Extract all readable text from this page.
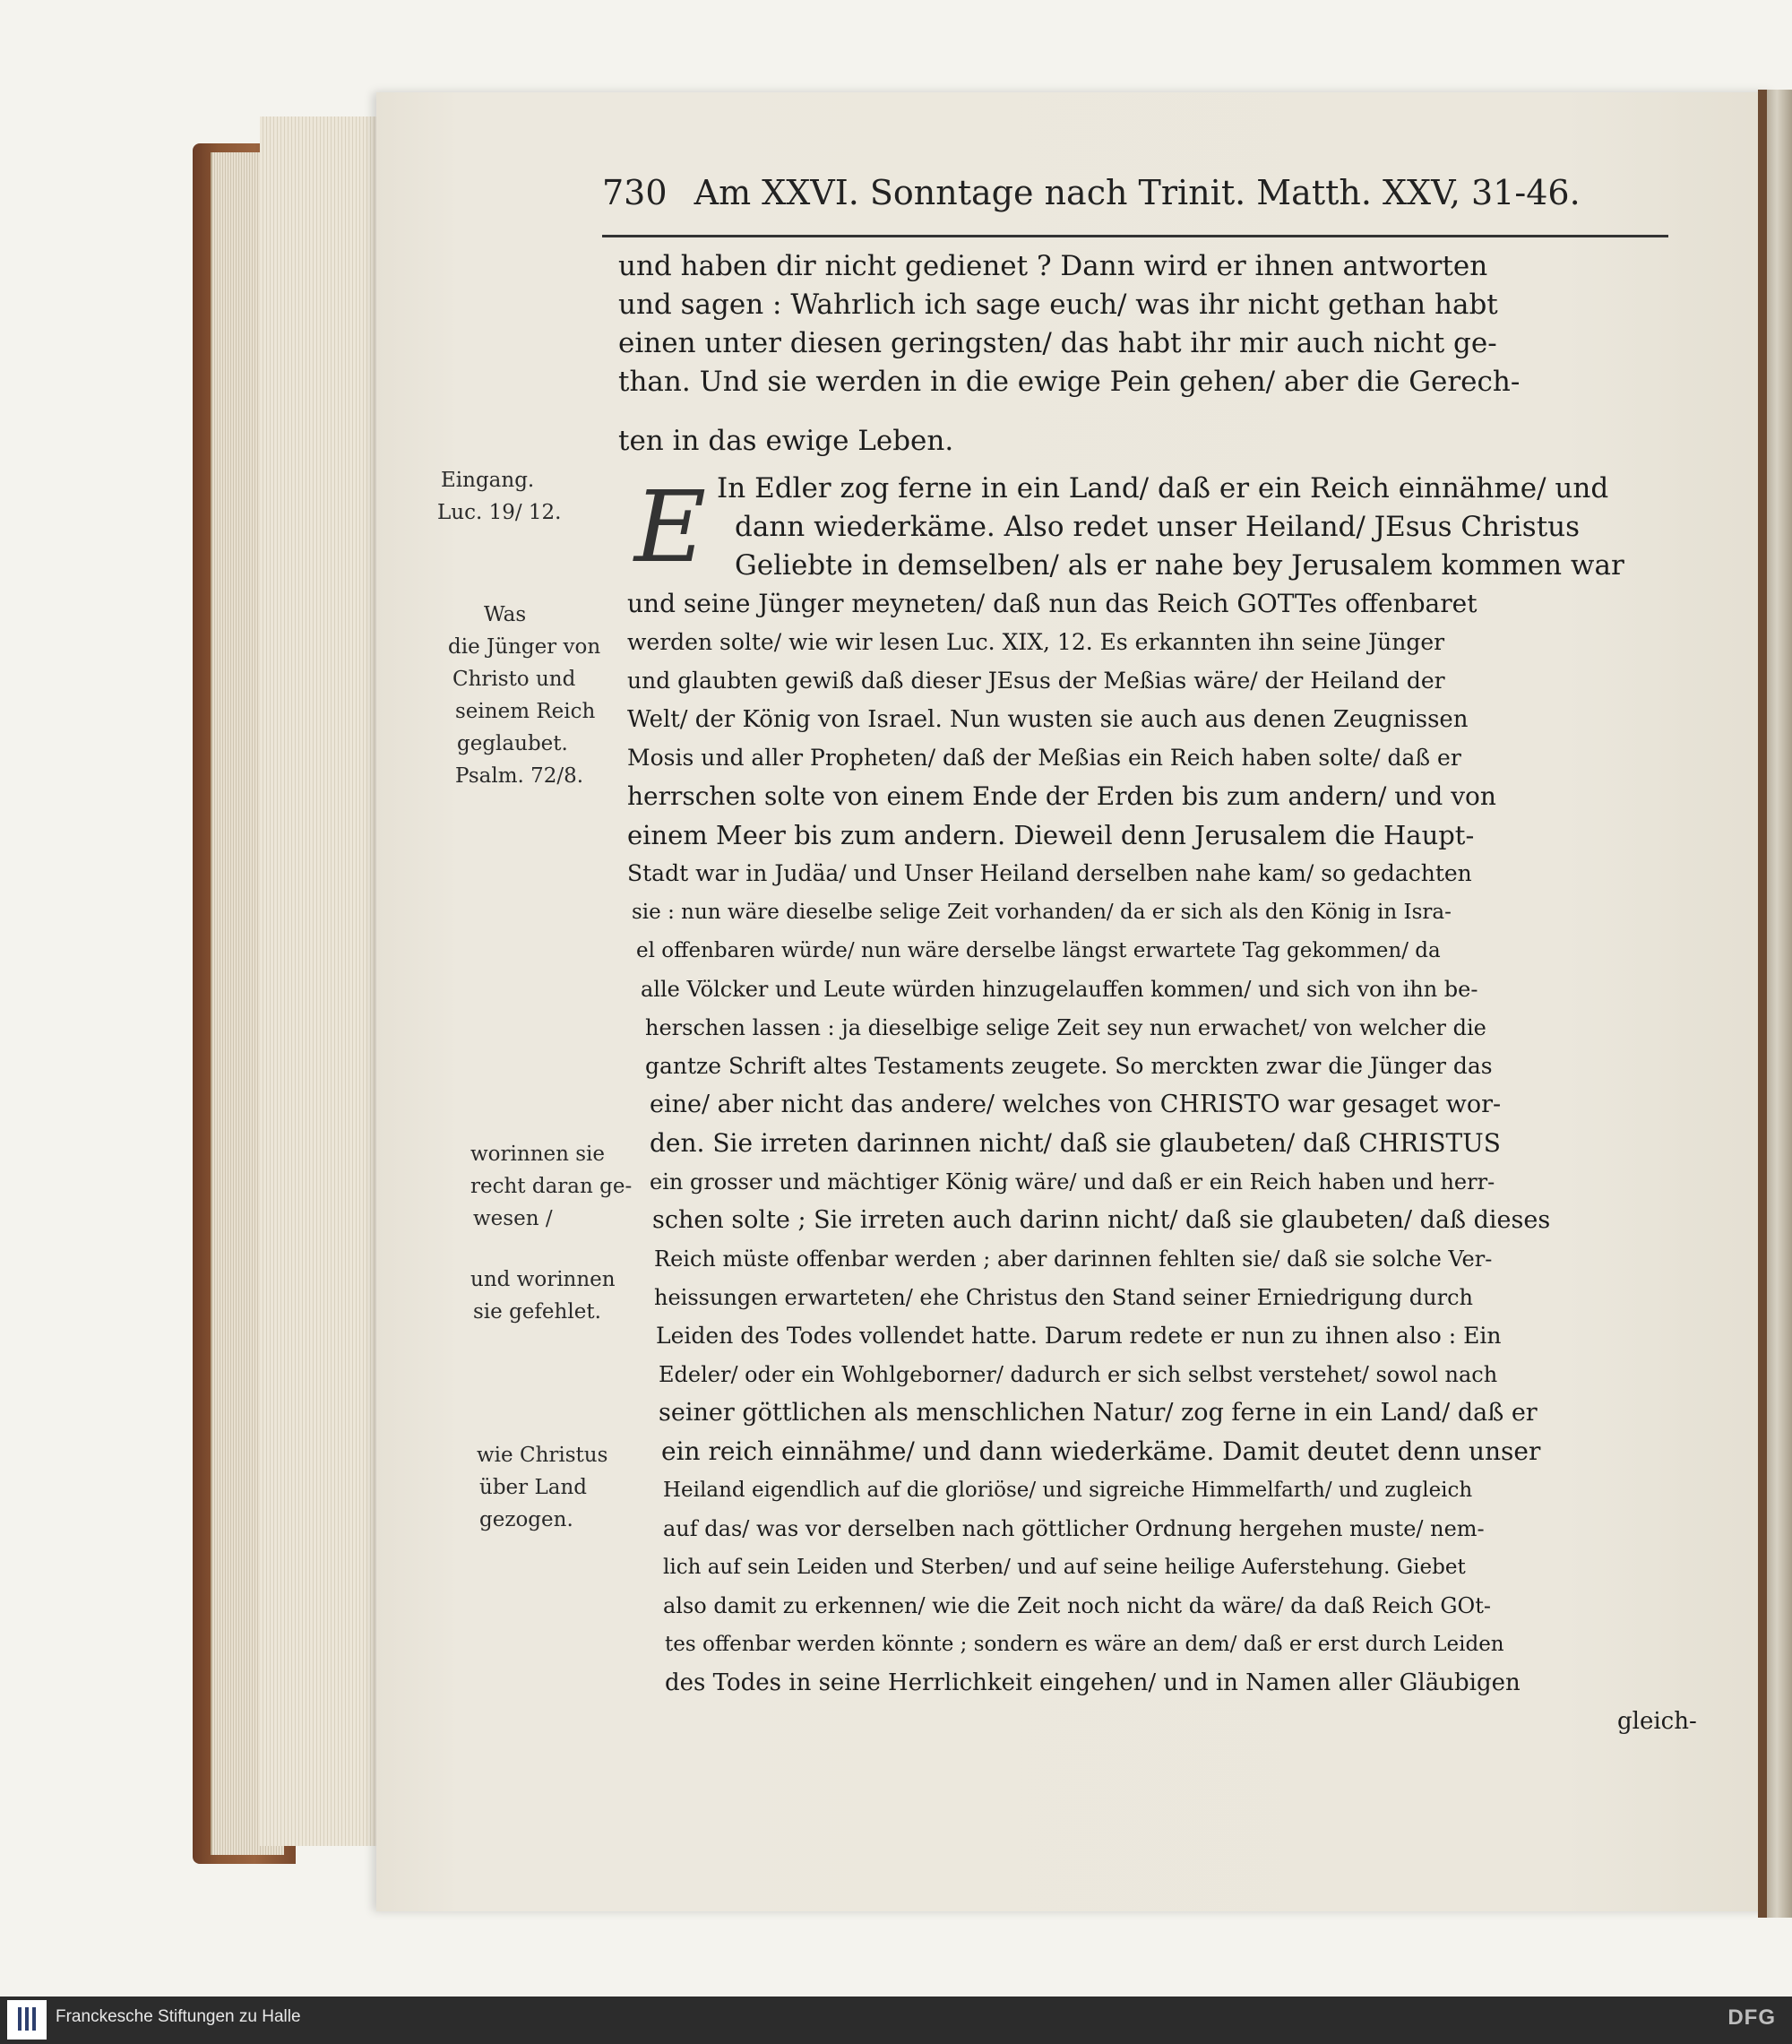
730 Am XXVI. Sonntage nach Trinit. Matth. XXV, 31-46.
E
und haben dir nicht gedienet ? Dann wird er ihnen antworten
und sagen : Wahrlich ich sage euch/ was ihr nicht gethan habt
einen unter diesen geringsten/ das habt ihr mir auch nicht ge-
than. Und sie werden in die ewige Pein gehen/ aber die Gerech-
ten in das ewige Leben.
In Edler zog ferne in ein Land/ daß er ein Reich einnähme/ und
dann wiederkäme. Also redet unser Heiland/ JEsus Christus
Geliebte in demselben/ als er nahe bey Jerusalem kommen war
und seine Jünger meyneten/ daß nun das Reich GOTTes offenbaret
werden solte/ wie wir lesen Luc. XIX, 12. Es erkannten ihn seine Jünger
und glaubten gewiß daß dieser JEsus der Meßias wäre/ der Heiland der
Welt/ der König von Israel. Nun wusten sie auch aus denen Zeugnissen
Mosis und aller Propheten/ daß der Meßias ein Reich haben solte/ daß er
herrschen solte von einem Ende der Erden bis zum andern/ und von
einem Meer bis zum andern. Dieweil denn Jerusalem die Haupt-
Stadt war in Judäa/ und Unser Heiland derselben nahe kam/ so gedachten
sie : nun wäre dieselbe selige Zeit vorhanden/ da er sich als den König in Isra-
el offenbaren würde/ nun wäre derselbe längst erwartete Tag gekommen/ da
alle Völcker und Leute würden hinzugelauffen kommen/ und sich von ihn be-
herschen lassen : ja dieselbige selige Zeit sey nun erwachet/ von welcher die
gantze Schrift altes Testaments zeugete. So merckten zwar die Jünger das
eine/ aber nicht das andere/ welches von CHRISTO war gesaget wor-
den. Sie irreten darinnen nicht/ daß sie glaubeten/ daß CHRISTUS
ein grosser und mächtiger König wäre/ und daß er ein Reich haben und herr-
schen solte ; Sie irreten auch darinn nicht/ daß sie glaubeten/ daß dieses
Reich müste offenbar werden ; aber darinnen fehlten sie/ daß sie solche Ver-
heissungen erwarteten/ ehe Christus den Stand seiner Erniedrigung durch
Leiden des Todes vollendet hatte. Darum redete er nun zu ihnen also : Ein
Edeler/ oder ein Wohlgeborner/ dadurch er sich selbst verstehet/ sowol nach
seiner göttlichen als menschlichen Natur/ zog ferne in ein Land/ daß er
ein reich einnähme/ und dann wiederkäme. Damit deutet denn unser
Heiland eigendlich auf die gloriöse/ und sigreiche Himmelfarth/ und zugleich
auf das/ was vor derselben nach göttlicher Ordnung hergehen muste/ nem-
lich auf sein Leiden und Sterben/ und auf seine heilige Auferstehung. Giebet
also damit zu erkennen/ wie die Zeit noch nicht da wäre/ da daß Reich GOt-
tes offenbar werden könnte ; sondern es wäre an dem/ daß er erst durch Leiden
des Todes in seine Herrlichkeit eingehen/ und in Namen aller Gläubigen
gleich-
Eingang.
Luc. 19/ 12.
Was
die Jünger von
Christo und
seinem Reich
geglaubet.
Psalm. 72/8.
worinnen sie
recht daran ge-
wesen /
und worinnen
sie gefehlet.
wie Christus
über Land
gezogen.
Franckesche Stiftungen zu Halle	DFG
